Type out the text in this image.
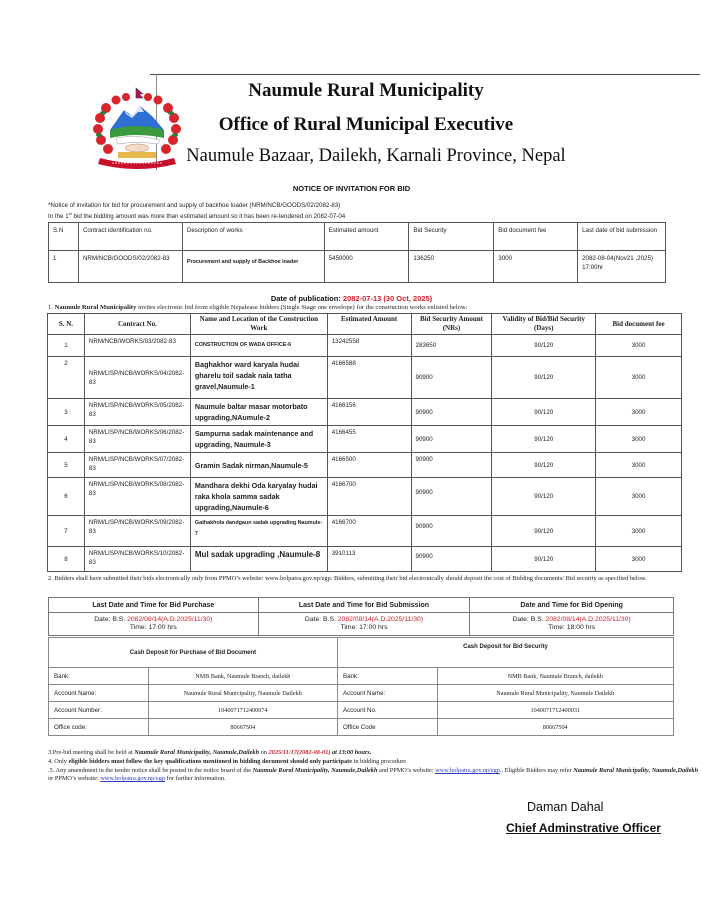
Naumule Rural Municipality
Office of Rural Municipal Executive
Naumule Bazaar, Dailekh, Karnali Province, Nepal
NOTICE OF INVITATION FOR BID
*Notice of invitation for bid for procurement and supply of backhoe loader (NRM/NCB/GOODS/02/2082-83)
In the 1st bid the bidding amount was more than estimated amount so it has been re-tendered on 2082-07-04
S.N	Contract identification no.	Description of works	Estimated amount	Bid Security	Bid document fee	Last date of bid submission
1	NRM/NCB/GOODS/02/2082-83	Procurement and supply of Backhoe loader	5450000	136250	3000	2082-08-04(Nov21 ,2025) 17:00hr
Date of publication: 2082-07-13 (30 Oct, 2025)
1. Naumule Rural Municipality invites electronic bid from eligible Nepalease bidders (Single Stage one envelope) for the construction works enlisted below:
S. N.	Contract No.	Name and Location of the Construction Work	Estimated Amount	Bid Security Amount (NRs)	Validity of Bid/Bid Security (Days)	Bid document fee
1	NRM/NCB/WORKS/03/2082-83	CONSTRUCTION OF WADA OFFICE-6	13242558	283650	90/120	3000
2	NRM/LISP/NCB/WORKS/04/2082-83	Baghakhor ward karyala hudai gharelu toil sadak nala tatha gravel,Naumule-1	4166588	90900	90/120	3000
3	NRM/LISP/NCB/WORKS/05/2082-83	Naumule baltar masar motorbato upgrading,NAumule-2	4166156	90900	90/120	3000
4	NRM/LISP/NCB/WORKS/06/2082-83	Sampurna sadak maintenance and upgrading, Naumule-3	4166455	90900	90/120	3000
5	NRM/LISP/NCB/WORKS/07/2082-83	Gramin Sadak nirman,Naumule-5	4166500	90900	90/120	3000
6	NRM/LISP/NCB/WORKS/08/2082-83	Mandhara dekhi Oda karyalay hudai raka khola samma sadak upgrading,Naumule-6	4166700	90900	90/120	3000
7	NRM/LISP/NCB/WORKS/09/2082-83	Gathakhola dandgaun sadak upgrading Naumule-7	4166700	90900	90/120	3000
8	NRM/LISP/NCB/WORKS/10/2082-83	Mul sadak upgrading ,Naumule-8	3910113	90900	90/120	3000
2. Bidders shall have submitted their bids electronically only from PPMO’s website: www.bolpatra.gov.np/egp. Bidders, submitting their bid electronically should deposit the cost of Bidding documents/ Bid security as specified below.
Last Date and Time for Bid Purchase	Last Date and Time for Bid Submission	Date and Time for Bid Opening
Date: B.S. 2082/08/14(A.D.2025/11/30)
Time: 17:00 hrs	Date: B.S. 2082/08/14(A.D.2025/11/30)
Time: 17:00 hrs	Date: B.S. 2082/08/14(A.D.2025/11/30)
Time: 18:00 hrs
Cash Deposit for Purchase of Bid Document		Cash Deposit for Bid Security	
Bank:	NMB Bank, Naumule Branch, dailekh	Bank:	NMB Bank, Naumule Branch, dailekh
Account Name:	Naumule Rural Municipality, Naumule Dailekh	Account Name:	Naumule Rural Municipality, Naumule Dailekh
Account Number:	1040071712400074	Account No.	1040071712400031
Office code:	80667504	Office Code	80667504
3.Pre-bid meeting shall be held at Naumule Rural Municipality, Naumule,Dailekh on 2025/11/17(2082-08-01) at 13:00 hours.
4. Only eligible bidders must follow the key qualifications mentioned in bidding document should only participate in bidding procedure
.5. Any amendment in the tender notice shall be posted in the notice board of the Naumule Rural Municipality, Naumule,Dailekh and PPMO’s website: www.bolpatra.gov.np/egp.. Eligible Bidders may refer Naumule Rural Municipality, Naumule,Dailekh or PPMO’s website: www.bolpatra.gov.np/egp for further information.
Daman Dahal
Chief Adminstrative Officer
